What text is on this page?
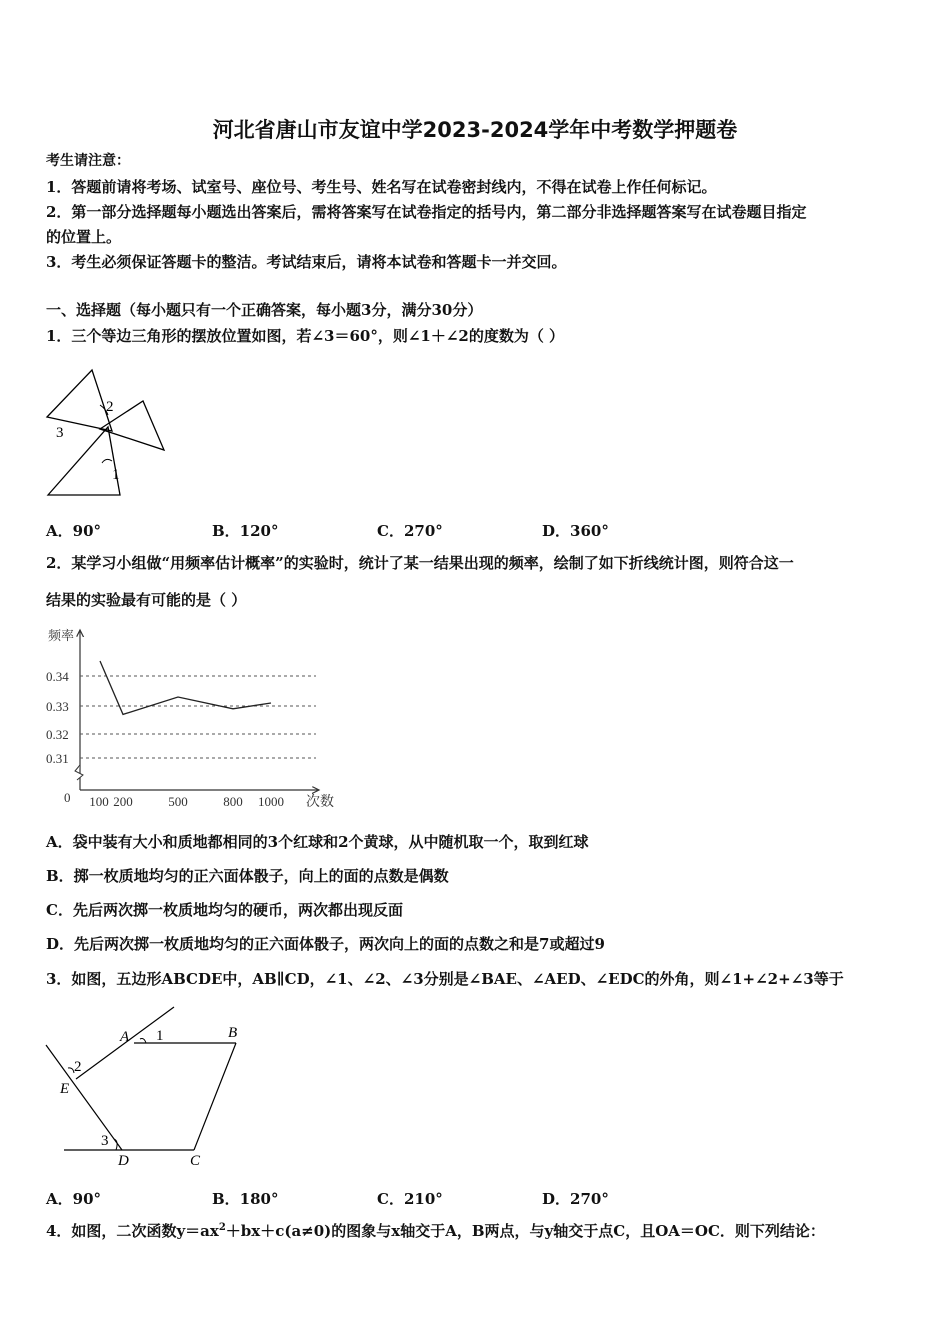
河北省唐山市友谊中学2023-2024学年中考数学押题卷
考生请注意：
1．答题前请将考场、试室号、座位号、考生号、姓名写在试卷密封线内，不得在试卷上作任何标记。
2．第一部分选择题每小题选出答案后，需将答案写在试卷指定的括号内，第二部分非选择题答案写在试卷题目指定
的位置上。
3．考生必须保证答题卡的整洁。考试结束后，请将本试卷和答题卡一并交回。
一、选择题（每小题只有一个正确答案，每小题3分，满分30分）
1．三个等边三角形的摆放位置如图，若∠3＝60°，则∠1＋∠2的度数为（ ）
2
3
1
A．90°	B．120°	C．270°	D．360°
2．某学习小组做“用频率估计概率”的实验时，统计了某一结果出现的频率，绘制了如下折线统计图，则符合这一
结果的实验最有可能的是（ ）
频率
次数
0
0.34
0.33
0.32
0.31
100 200	500	800 1000
A．袋中装有大小和质地都相同的3个红球和2个黄球，从中随机取一个，取到红球
B．掷一枚质地均匀的正六面体骰子，向上的面的点数是偶数
C．先后两次掷一枚质地均匀的硬币，两次都出现反面
D．先后两次掷一枚质地均匀的正六面体骰子，两次向上的面的点数之和是7或超过9
3．如图，五边形ABCDE中，AB∥CD，∠1、∠2、∠3分别是∠BAE、∠AED、∠EDC的外角，则∠1+∠2+∠3等于
A 1	B
2
E
3
D	C
A．90°	B．180°	C．210°	D．270°
4．如图，二次函数$y=ax^2+bx+c(a\ne 0)$的图象与x轴交于A，B两点，与y轴交于点C，且OA＝OC．则下列结论：
